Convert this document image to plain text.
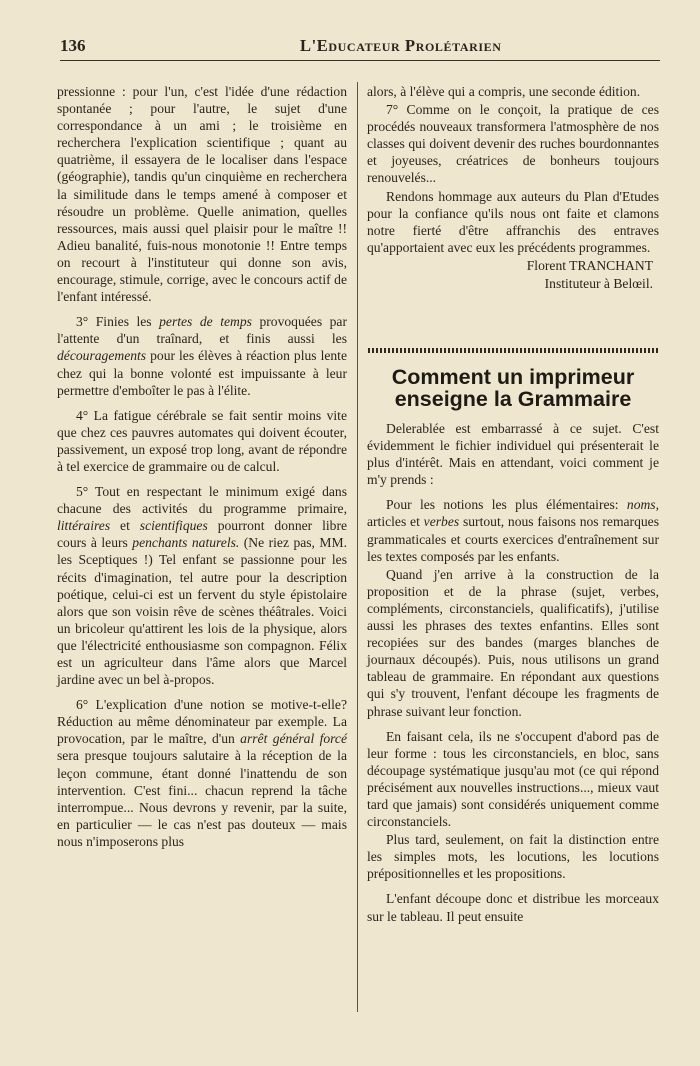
136	L'Educateur Prolétarien

pressionne : pour l'un, c'est l'idée d'une rédaction spontanée ; pour l'autre, le sujet d'une correspondance à un ami ; le troisième en recherchera l'explication scientifique ; quant au quatrième, il essayera de le localiser dans l'espace (géographie), tandis qu'un cinquième en recherchera la similitude dans le temps amené à composer et résoudre un problème. Quelle animation, quelles ressources, mais aussi quel plaisir pour le maître !! Adieu banalité, fuis-nous monotonie !! Entre temps on recourt à l'instituteur qui donne son avis, encourage, stimule, corrige, avec le concours actif de l'enfant intéressé.

3° Finies les pertes de temps provoquées par l'attente d'un traînard, et finis aussi les découragements pour les élèves à réaction plus lente chez qui la bonne volonté est impuissante à leur permettre d'emboîter le pas à l'élite.

4° La fatigue cérébrale se fait sentir moins vite que chez ces pauvres automates qui doivent écouter, passivement, un exposé trop long, avant de répondre à tel exercice de grammaire ou de calcul.

5° Tout en respectant le minimum exigé dans chacune des activités du programme primaire, littéraires et scientifiques pourront donner libre cours à leurs penchants naturels. (Ne riez pas, MM. les Sceptiques !) Tel enfant se passionne pour les récits d'imagination, tel autre pour la description poétique, celui-ci est un fervent du style épistolaire alors que son voisin rêve de scènes théâtrales. Voici un bricoleur qu'attirent les lois de la physique, alors que l'électricité enthousiasme son compagnon. Félix est un agriculteur dans l'âme alors que Marcel jardine avec un bel à-propos.

6° L'explication d'une notion se motive-t-elle? Réduction au même dénominateur par exemple. La provocation, par le maître, d'un arrêt général forcé sera presque toujours salutaire à la réception de la leçon commune, étant donné l'inattendu de son intervention. C'est fini... chacun reprend la tâche interrompue... Nous devrons y revenir, par la suite, en particulier — le cas n'est pas douteux — mais nous n'imposerons plus

alors, à l'élève qui a compris, une seconde édition.

7° Comme on le conçoit, la pratique de ces procédés nouveaux transformera l'atmosphère de nos classes qui doivent devenir des ruches bourdonnantes et joyeuses, créatrices de bonheurs toujours renouvelés...

Rendons hommage aux auteurs du Plan d'Etudes pour la confiance qu'ils nous ont faite et clamons notre fierté d'être affranchis des entraves qu'apportaient avec eux les précédents programmes.

Florent TRANCHANT

Instituteur à Belœil.

Comment un imprimeur
enseigne la Grammaire

Delerablée est embarrassé à ce sujet. C'est évidemment le fichier individuel qui présenterait le plus d'intérêt. Mais en attendant, voici comment je m'y prends :

Pour les notions les plus élémentaires: noms, articles et verbes surtout, nous faisons nos remarques grammaticales et courts exercices d'entraînement sur les textes composés par les enfants.

Quand j'en arrive à la construction de la proposition et de la phrase (sujet, verbes, compléments, circonstanciels, qualificatifs), j'utilise aussi les phrases des textes enfantins. Elles sont recopiées sur des bandes (marges blanches de journaux découpés). Puis, nous utilisons un grand tableau de grammaire. En répondant aux questions qui s'y trouvent, l'enfant découpe les fragments de phrase suivant leur fonction.

En faisant cela, ils ne s'occupent d'abord pas de leur forme : tous les circonstanciels, en bloc, sans découpage systématique jusqu'au mot (ce qui répond précisément aux nouvelles instructions..., mieux vaut tard que jamais) sont considérés uniquement comme circonstanciels.

Plus tard, seulement, on fait la distinction entre les simples mots, les locutions, les locutions prépositionnelles et les propositions.

L'enfant découpe donc et distribue les morceaux sur le tableau. Il peut ensuite
